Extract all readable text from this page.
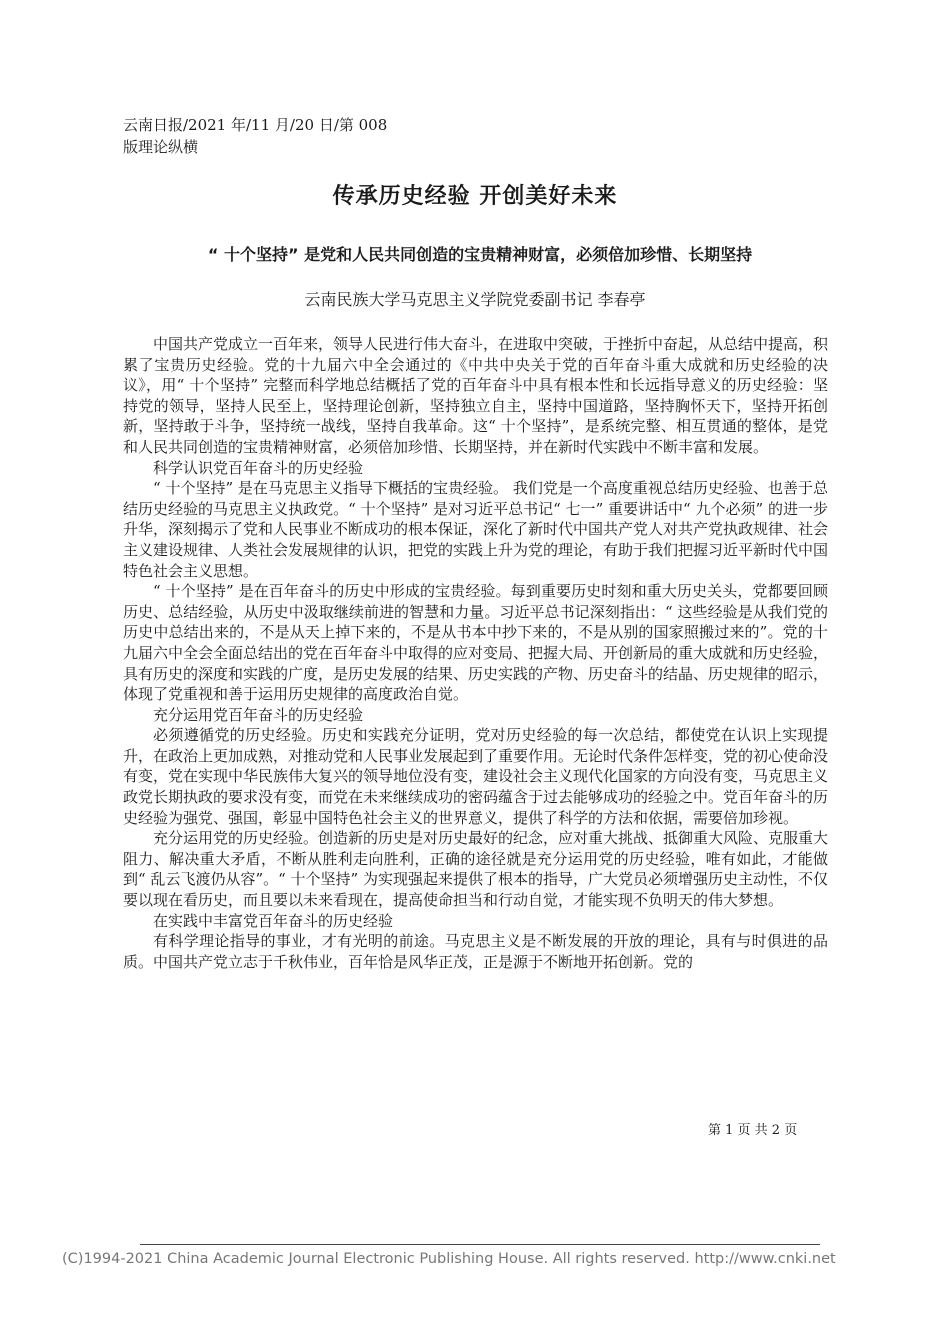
云南日报/2021 年/11 月/20 日/第 008
版理论纵横
传承历史经验 开创美好未来
“ 十个坚持” 是党和人民共同创造的宝贵精神财富，必须倍加珍惜、长期坚持
云南民族大学马克思主义学院党委副书记 李春亭

中国共产党成立一百年来，领导人民进行伟大奋斗，在进取中突破，于挫折中奋起，从总结中提高，积累了宝贵历史经验。党的十九届六中全会通过的《中共中央关于党的百年奋斗重大成就和历史经验的决议》，用“ 十个坚持” 完整而科学地总结概括了党的百年奋斗中具有根本性和长远指导意义的历史经验：坚持党的领导，坚持人民至上，坚持理论创新，坚持独立自主，坚持中国道路，坚持胸怀天下，坚持开拓创新，坚持敢于斗争，坚持统一战线，坚持自我革命。这“ 十个坚持”，是系统完整、相互贯通的整体，是党和人民共同创造的宝贵精神财富，必须倍加珍惜、长期坚持，并在新时代实践中不断丰富和发展。

科学认识党百年奋斗的历史经验

“ 十个坚持” 是在马克思主义指导下概括的宝贵经验。 我们党是一个高度重视总结历史经验、也善于总结历史经验的马克思主义执政党。“ 十个坚持” 是对习近平总书记“ 七一” 重要讲话中“ 九个必须” 的进一步升华，深刻揭示了党和人民事业不断成功的根本保证，深化了新时代中国共产党人对共产党执政规律、社会主义建设规律、人类社会发展规律的认识，把党的实践上升为党的理论，有助于我们把握习近平新时代中国特色社会主义思想。

“ 十个坚持” 是在百年奋斗的历史中形成的宝贵经验。每到重要历史时刻和重大历史关头，党都要回顾历史、总结经验，从历史中汲取继续前进的智慧和力量。习近平总书记深刻指出：“ 这些经验是从我们党的历史中总结出来的，不是从天上掉下来的，不是从书本中抄下来的，不是从别的国家照搬过来的”。党的十九届六中全会全面总结出的党在百年奋斗中取得的应对变局、把握大局、开创新局的重大成就和历史经验，具有历史的深度和实践的广度，是历史发展的结果、历史实践的产物、历史奋斗的结晶、历史规律的昭示，体现了党重视和善于运用历史规律的高度政治自觉。

充分运用党百年奋斗的历史经验

必须遵循党的历史经验。历史和实践充分证明，党对历史经验的每一次总结，都使党在认识上实现提升，在政治上更加成熟，对推动党和人民事业发展起到了重要作用。无论时代条件怎样变，党的初心使命没有变，党在实现中华民族伟大复兴的领导地位没有变，建设社会主义现代化国家的方向没有变，马克思主义政党长期执政的要求没有变，而党在未来继续成功的密码蕴含于过去能够成功的经验之中。党百年奋斗的历史经验为强党、强国，彰显中国特色社会主义的世界意义，提供了科学的方法和依据，需要倍加珍视。

充分运用党的历史经验。创造新的历史是对历史最好的纪念，应对重大挑战、抵御重大风险、克服重大阻力、解决重大矛盾，不断从胜利走向胜利，正确的途径就是充分运用党的历史经验，唯有如此，才能做到“ 乱云飞渡仍从容”。“ 十个坚持” 为实现强起来提供了根本的指导，广大党员必须增强历史主动性，不仅要以现在看历史，而且要以未来看现在，提高使命担当和行动自觉，才能实现不负明天的伟大梦想。

在实践中丰富党百年奋斗的历史经验

有科学理论指导的事业，才有光明的前途。马克思主义是不断发展的开放的理论，具有与时俱进的品质。中国共产党立志于千秋伟业，百年恰是风华正茂，正是源于不断地开拓创新。党的

第 1 页 共 2 页
(C)1994-2021 China Academic Journal Electronic Publishing House. All rights reserved. http://www.cnki.net
